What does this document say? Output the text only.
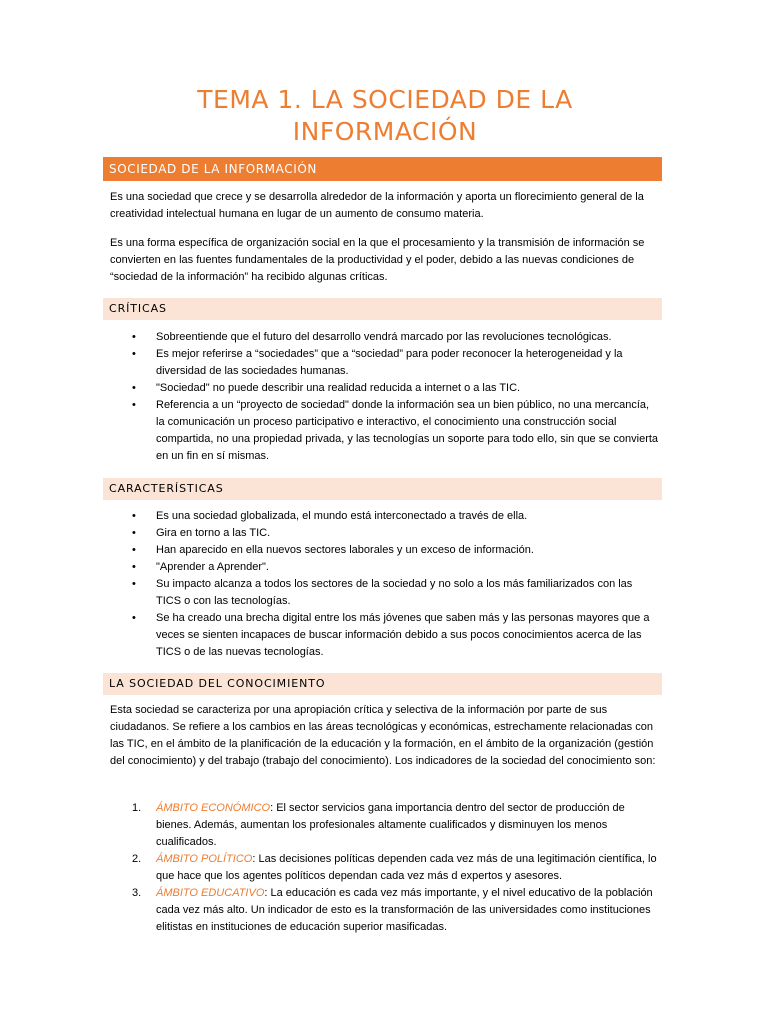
TEMA 1. LA SOCIEDAD DE LA INFORMACIÓN
SOCIEDAD DE LA INFORMACIÓN

Es una sociedad que crece y se desarrolla alrededor de la información y aporta un florecimiento general de la creatividad intelectual humana en lugar de un aumento de consumo materia.

Es una forma específica de organización social en la que el procesamiento y la transmisión de información se convierten en las fuentes fundamentales de la productividad y el poder, debido a las nuevas condiciones de “sociedad de la información” ha recibido algunas críticas.

CRÍTICAS
• Sobreentiende que el futuro del desarrollo vendrá marcado por las revoluciones tecnológicas.
• Es mejor referirse a “sociedades” que a “sociedad” para poder reconocer la heterogeneidad y la diversidad de las sociedades humanas.
• "Sociedad" no puede describir una realidad reducida a internet o a las TIC.
• Referencia a un “proyecto de sociedad" donde la información sea un bien público, no una mercancía, la comunicación un proceso participativo e interactivo, el conocimiento una construcción social compartida, no una propiedad privada, y las tecnologías un soporte para todo ello, sin que se convierta en un fin en sí mismas.
CARACTERÍSTICAS
• Es una sociedad globalizada, el mundo está interconectado a través de ella.
• Gira en torno a las TIC.
• Han aparecido en ella nuevos sectores laborales y un exceso de información.
• "Aprender a Aprender".
• Su impacto alcanza a todos los sectores de la sociedad y no solo a los más familiarizados con las TICS o con las tecnologías.
• Se ha creado una brecha digital entre los más jóvenes que saben más y las personas mayores que a veces se sienten incapaces de buscar información debido a sus pocos conocimientos acerca de las TICS o de las nuevas tecnologías.
LA SOCIEDAD DEL CONOCIMIENTO

Esta sociedad se caracteriza por una apropiación crítica y selectiva de la información por parte de sus ciudadanos. Se refiere a los cambios en las áreas tecnológicas y económicas, estrechamente relacionadas con las TIC, en el ámbito de la planificación de la educación y la formación, en el ámbito de la organización (gestión del conocimiento) y del trabajo (trabajo del conocimiento). Los indicadores de la sociedad del conocimiento son:

1. ÁMBITO ECONÓMICO: El sector servicios gana importancia dentro del sector de producción de bienes. Además, aumentan los profesionales altamente cualificados y disminuyen los menos cualificados.
2. ÁMBITO POLÍTICO: Las decisiones políticas dependen cada vez más de una legitimación científica, lo que hace que los agentes políticos dependan cada vez más d expertos y asesores.
3. ÁMBITO EDUCATIVO: La educación es cada vez más importante, y el nivel educativo de la población cada vez más alto. Un indicador de esto es la transformación de las universidades como instituciones elitistas en instituciones de educación superior masificadas.
